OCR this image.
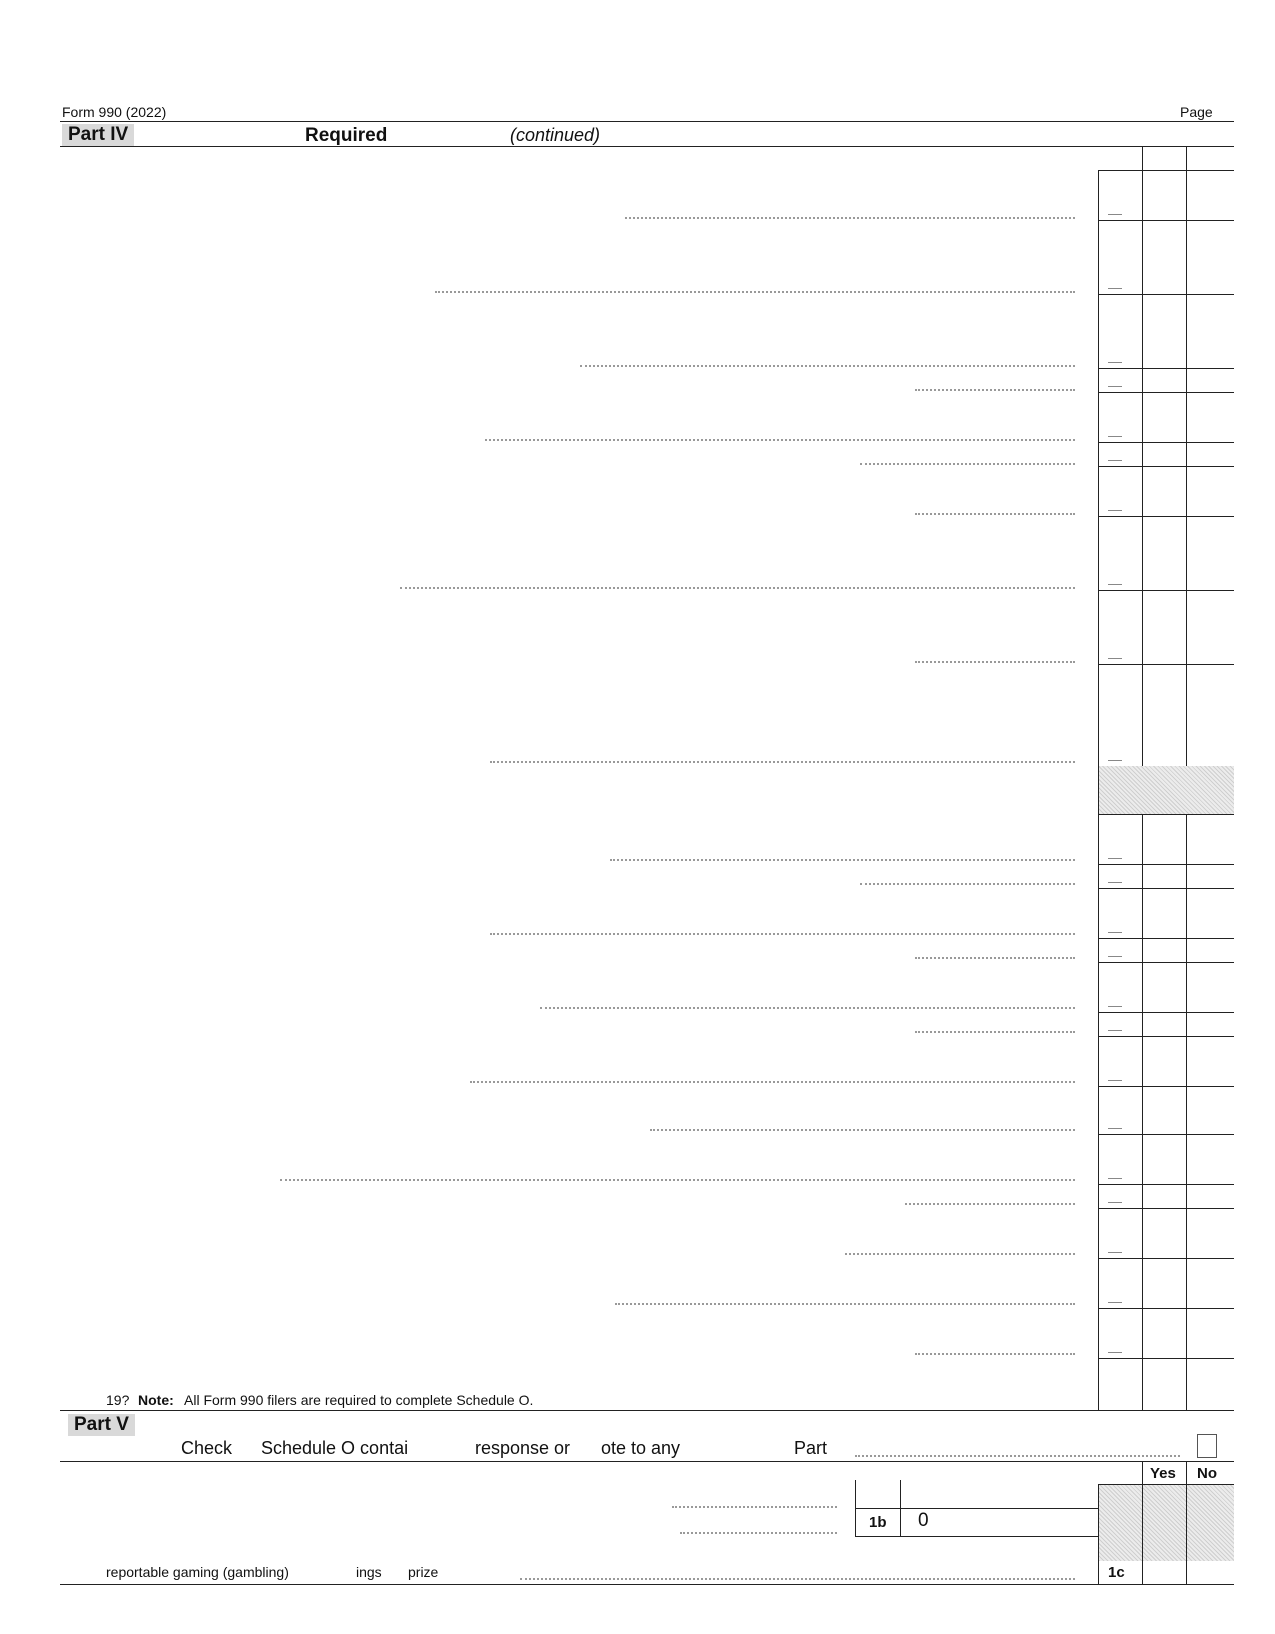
Form 990 (2022)	Page
Part IV	Required	(continued)
19? Note: All Form 990 filers are required to complete Schedule O.
Part V
Check Schedule O contai	response or ote to any	Part
Yes No
1b 0
reportable gaming (gambling)	ings prize	1c
